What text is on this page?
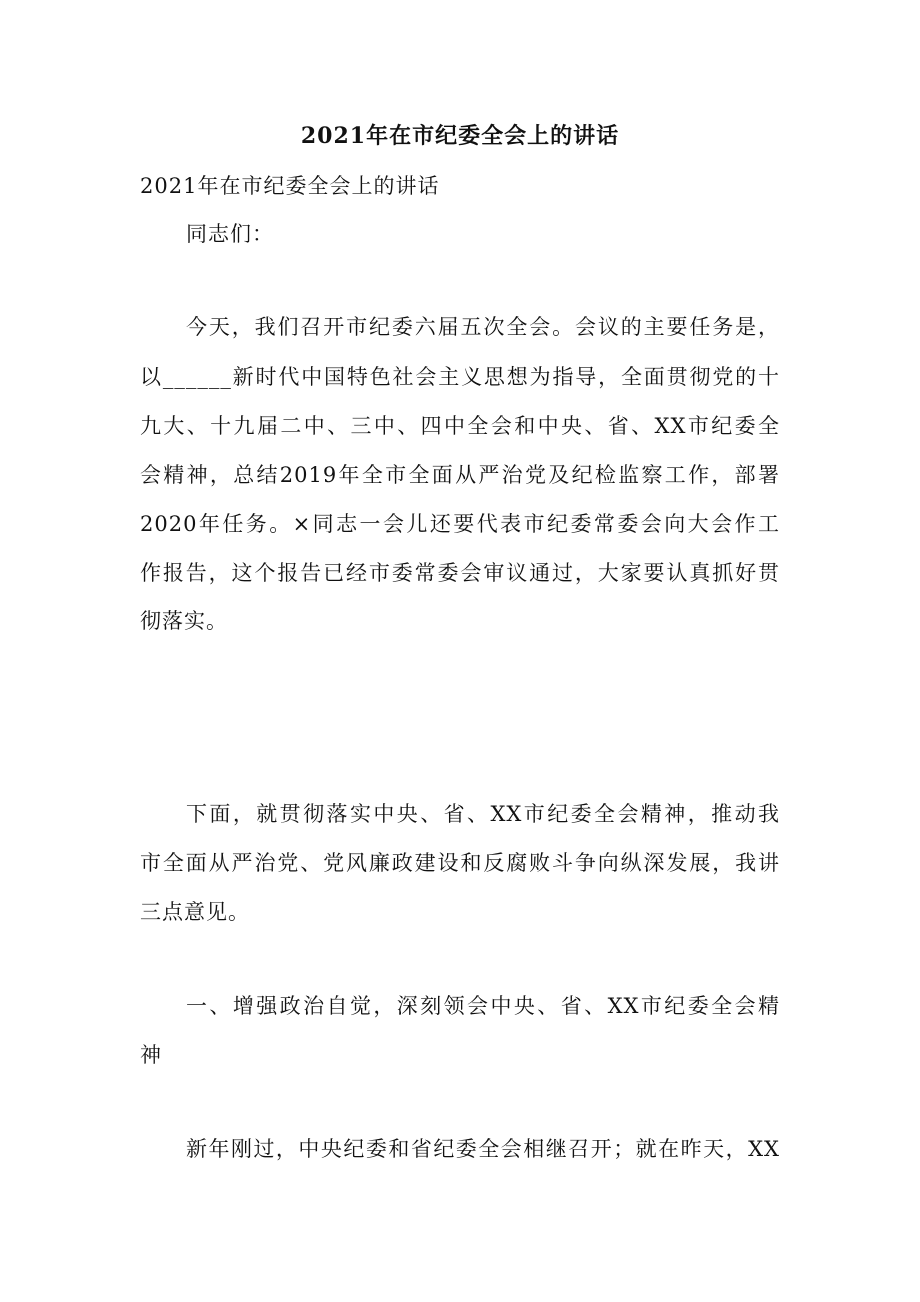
2021年在市纪委全会上的讲话
2021年在市纪委全会上的讲话
同志们：
今天，我们召开市纪委六届五次全会。会议的主要任务是，
以______新时代中国特色社会主义思想为指导，全面贯彻党的十
九大、十九届二中、三中、四中全会和中央、省、XX市纪委全
会精神，总结2019年全市全面从严治党及纪检监察工作，部署
2020年任务。×同志一会儿还要代表市纪委常委会向大会作工
作报告，这个报告已经市委常委会审议通过，大家要认真抓好贯
彻落实。
下面，就贯彻落实中央、省、XX市纪委全会精神，推动我
市全面从严治党、党风廉政建设和反腐败斗争向纵深发展，我讲
三点意见。
一、增强政治自觉，深刻领会中央、省、XX市纪委全会精
神
新年刚过，中央纪委和省纪委全会相继召开；就在昨天，XX
